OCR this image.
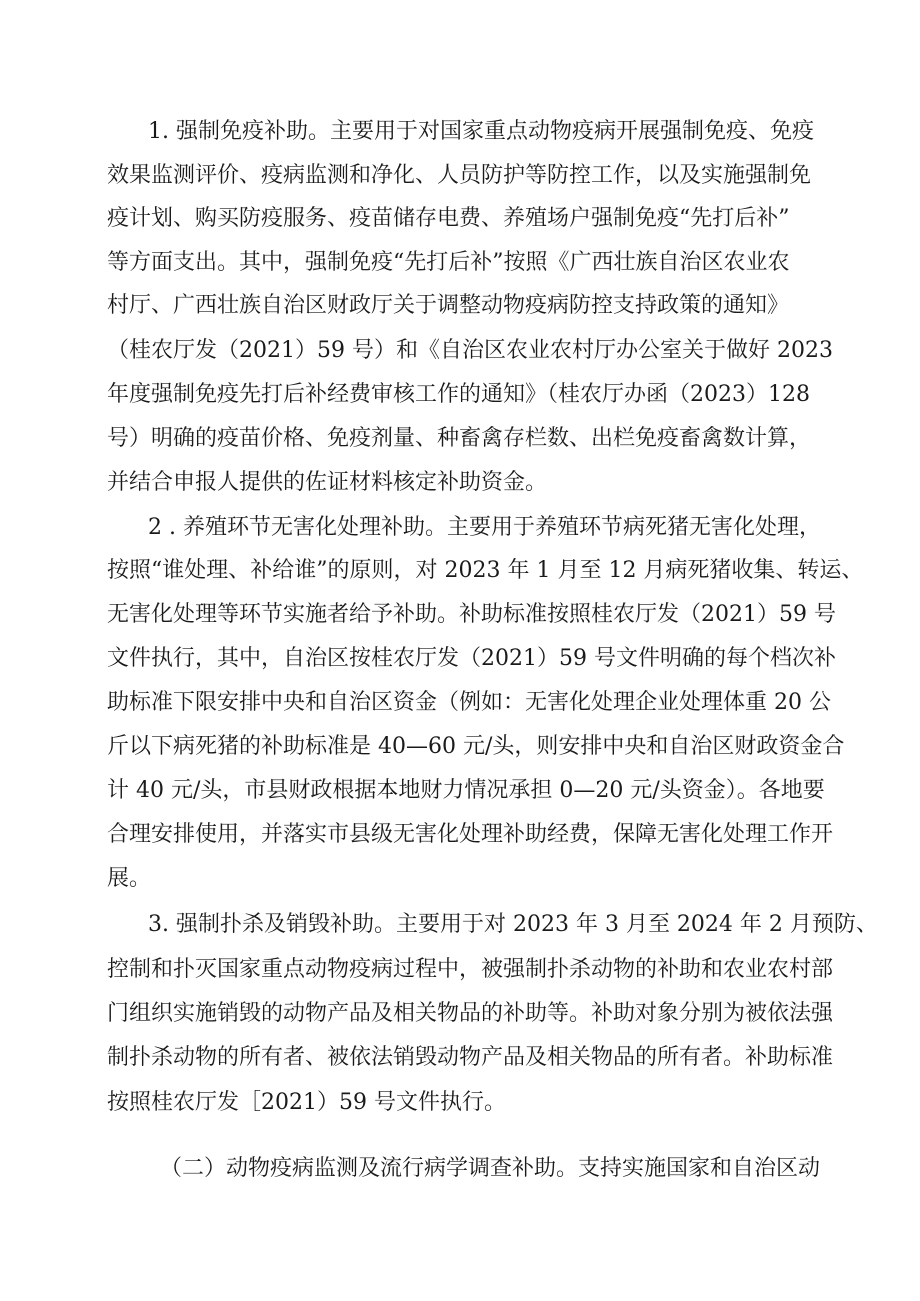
1. 强制免疫补助。主要用于对国家重点动物疫病开展强制免疫、免疫
效果监测评价、疫病监测和净化、人员防护等防控工作，以及实施强制免
疫计划、购买防疫服务、疫苗储存电费、养殖场户强制免疫“先打后补”
等方面支出。其中，强制免疫“先打后补”按照《广西壮族自治区农业农
村厅、广西壮族自治区财政厅关于调整动物疫病防控支持政策的通知》
（桂农厅发（2021）59 号）和《自治区农业农村厅办公室关于做好 2023
年度强制免疫先打后补经费审核工作的通知》（桂农厅办函（2023）128
号）明确的疫苗价格、免疫剂量、种畜禽存栏数、出栏免疫畜禽数计算，
并结合申报人提供的佐证材料核定补助资金。
2 . 养殖环节无害化处理补助。主要用于养殖环节病死猪无害化处理，
按照“谁处理、补给谁”的原则，对 2023 年 1 月至 12 月病死猪收集、转运、
无害化处理等环节实施者给予补助。补助标准按照桂农厅发（2021）59 号
文件执行，其中，自治区按桂农厅发（2021）59 号文件明确的每个档次补
助标准下限安排中央和自治区资金（例如：无害化处理企业处理体重 20 公
斤以下病死猪的补助标准是 40—60 元/头，则安排中央和自治区财政资金合
计 40 元/头，市县财政根据本地财力情况承担 0—20 元/头资金）。各地要
合理安排使用，并落实市县级无害化处理补助经费，保障无害化处理工作开
展。
3. 强制扑杀及销毁补助。主要用于对 2023 年 3 月至 2024 年 2 月预防、
控制和扑灭国家重点动物疫病过程中，被强制扑杀动物的补助和农业农村部
门组织实施销毁的动物产品及相关物品的补助等。补助对象分别为被依法强
制扑杀动物的所有者、被依法销毁动物产品及相关物品的所有者。补助标准
按照桂农厅发［2021）59 号文件执行。
（二）动物疫病监测及流行病学调查补助。支持实施国家和自治区动
